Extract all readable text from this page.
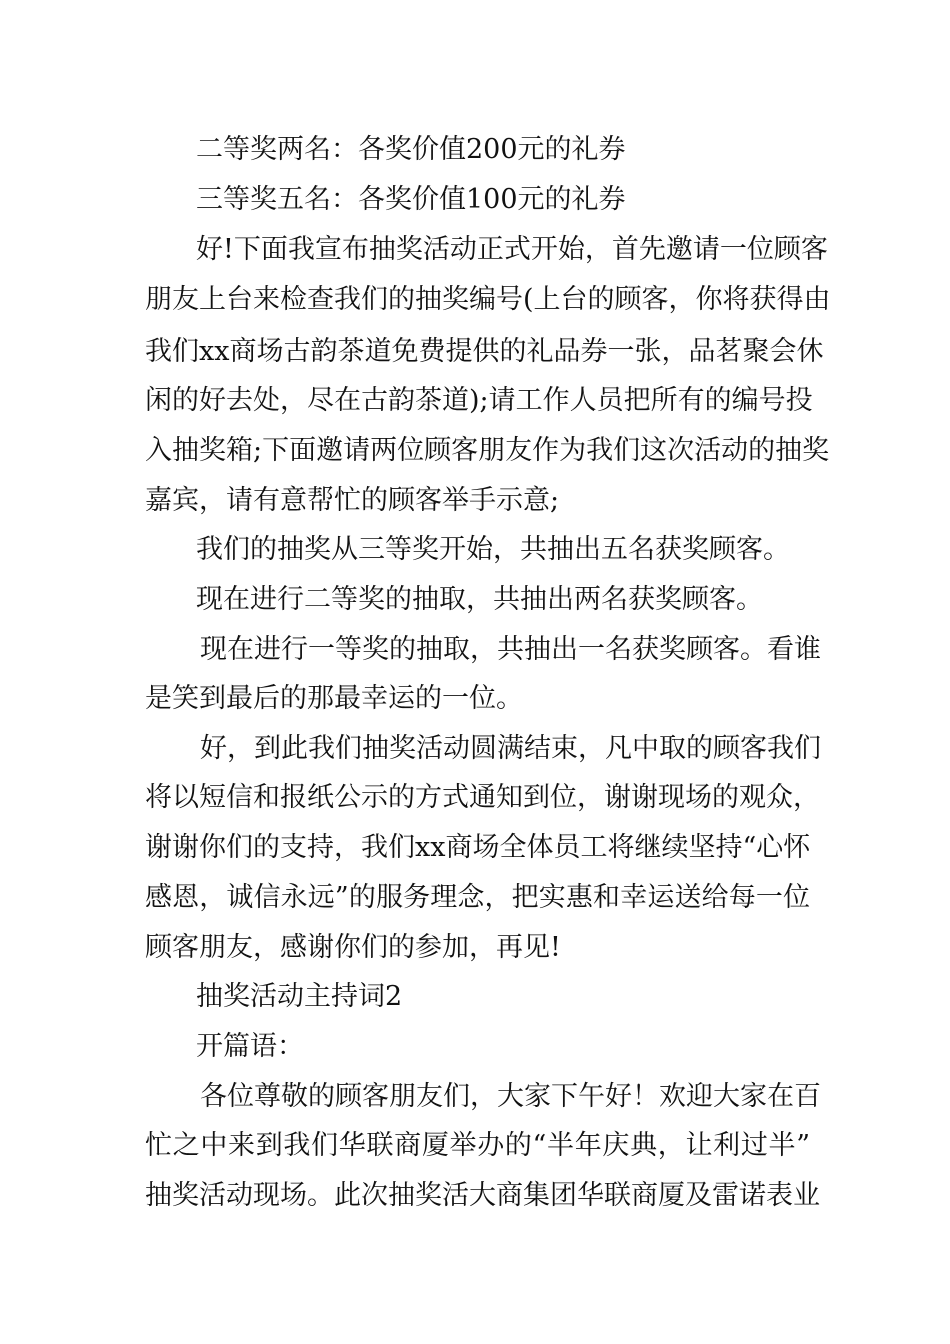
二等奖两名：各奖价值200元的礼券
三等奖五名：各奖价值100元的礼券
好!下面我宣布抽奖活动正式开始，首先邀请一位顾客
朋友上台来检查我们的抽奖编号(上台的顾客，你将获得由
我们xx商场古韵茶道免费提供的礼品券一张，品茗聚会休
闲的好去处，尽在古韵茶道);请工作人员把所有的编号投
入抽奖箱;下面邀请两位顾客朋友作为我们这次活动的抽奖
嘉宾，请有意帮忙的顾客举手示意;
我们的抽奖从三等奖开始，共抽出五名获奖顾客。
现在进行二等奖的抽取，共抽出两名获奖顾客。
现在进行一等奖的抽取，共抽出一名获奖顾客。看谁
是笑到最后的那最幸运的一位。
好，到此我们抽奖活动圆满结束，凡中取的顾客我们
将以短信和报纸公示的方式通知到位，谢谢现场的观众，
谢谢你们的支持，我们xx商场全体员工将继续坚持“心怀
感恩，诚信永远”的服务理念，把实惠和幸运送给每一位
顾客朋友，感谢你们的参加，再见!
抽奖活动主持词2
开篇语：
各位尊敬的顾客朋友们，大家下午好！欢迎大家在百
忙之中来到我们华联商厦举办的“半年庆典，让利过半”
抽奖活动现场。此次抽奖活大商集团华联商厦及雷诺表业
